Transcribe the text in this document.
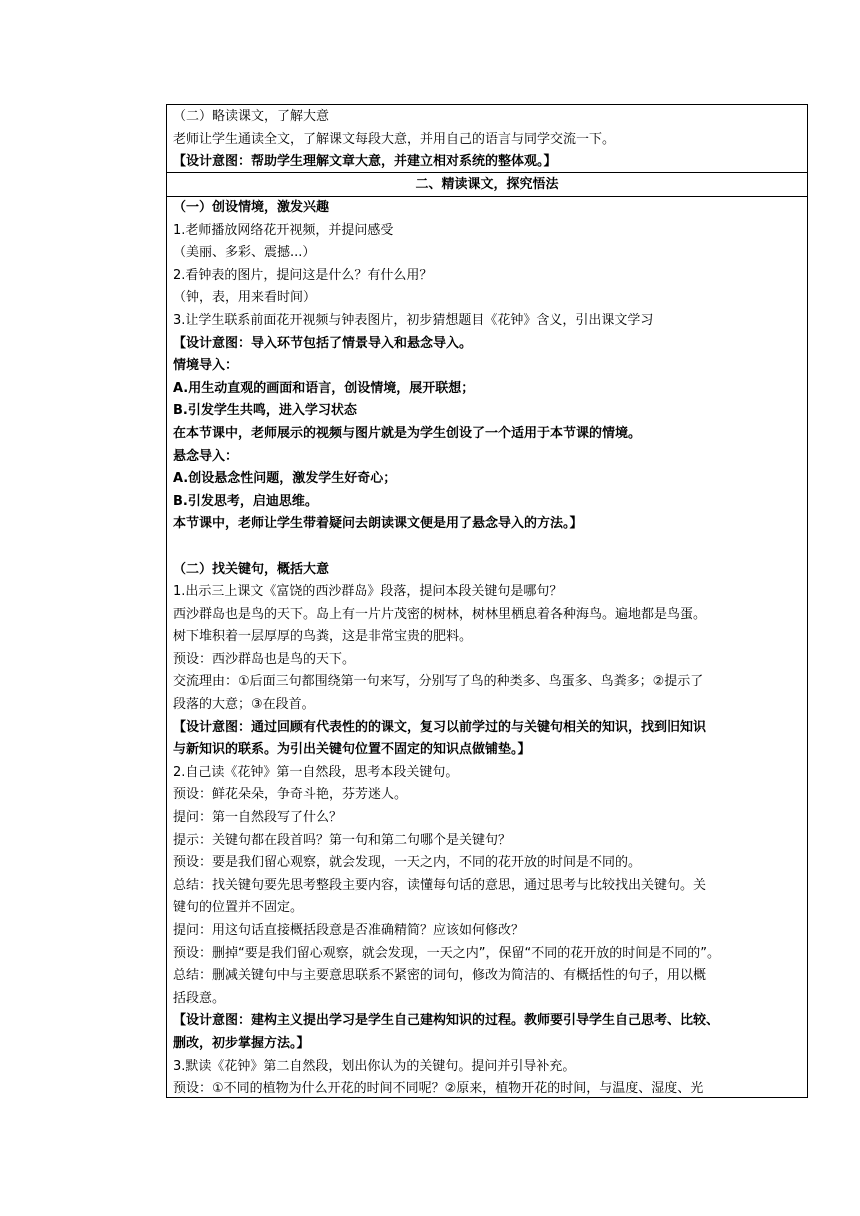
（二）略读课文，了解大意
老师让学生通读全文，了解课文每段大意，并用自己的语言与同学交流一下。
【设计意图：帮助学生理解文章大意，并建立相对系统的整体观。】
二、精读课文，探究悟法
（一）创设情境，激发兴趣
1.老师播放网络花开视频，并提问感受
（美丽、多彩、震撼...）
2.看钟表的图片，提问这是什么？有什么用？
（钟，表，用来看时间）
3.让学生联系前面花开视频与钟表图片，初步猜想题目《花钟》含义，引出课文学习
【设计意图：导入环节包括了情景导入和悬念导入。
情境导入：
A.用生动直观的画面和语言，创设情境，展开联想；
B.引发学生共鸣，进入学习状态
在本节课中，老师展示的视频与图片就是为学生创设了一个适用于本节课的情境。
悬念导入：
A.创设悬念性问题，激发学生好奇心；
B.引发思考，启迪思维。
本节课中，老师让学生带着疑问去朗读课文便是用了悬念导入的方法。】
（二）找关键句，概括大意
1.出示三上课文《富饶的西沙群岛》段落，提问本段关键句是哪句？
西沙群岛也是鸟的天下。岛上有一片片茂密的树林，树林里栖息着各种海鸟。遍地都是鸟蛋。
树下堆积着一层厚厚的鸟粪，这是非常宝贵的肥料。
预设：西沙群岛也是鸟的天下。
交流理由：①后面三句都围绕第一句来写，分别写了鸟的种类多、鸟蛋多、鸟粪多；②提示了
段落的大意；③在段首。
【设计意图：通过回顾有代表性的的课文，复习以前学过的与关键句相关的知识，找到旧知识
与新知识的联系。为引出关键句位置不固定的知识点做铺垫。】
2.自己读《花钟》第一自然段，思考本段关键句。
预设：鲜花朵朵，争奇斗艳，芬芳迷人。
提问：第一自然段写了什么？
提示：关键句都在段首吗？第一句和第二句哪个是关键句？
预设：要是我们留心观察，就会发现，一天之内，不同的花开放的时间是不同的。
总结：找关键句要先思考整段主要内容，读懂每句话的意思，通过思考与比较找出关键句。关
键句的位置并不固定。
提问：用这句话直接概括段意是否准确精简？应该如何修改？
预设：删掉“要是我们留心观察，就会发现，一天之内”，保留“不同的花开放的时间是不同的”。
总结：删减关键句中与主要意思联系不紧密的词句，修改为简洁的、有概括性的句子，用以概
括段意。
【设计意图：建构主义提出学习是学生自己建构知识的过程。教师要引导学生自己思考、比较、
删改，初步掌握方法。】
3.默读《花钟》第二自然段，划出你认为的关键句。提问并引导补充。
预设：①不同的植物为什么开花的时间不同呢？②原来，植物开花的时间，与温度、湿度、光
